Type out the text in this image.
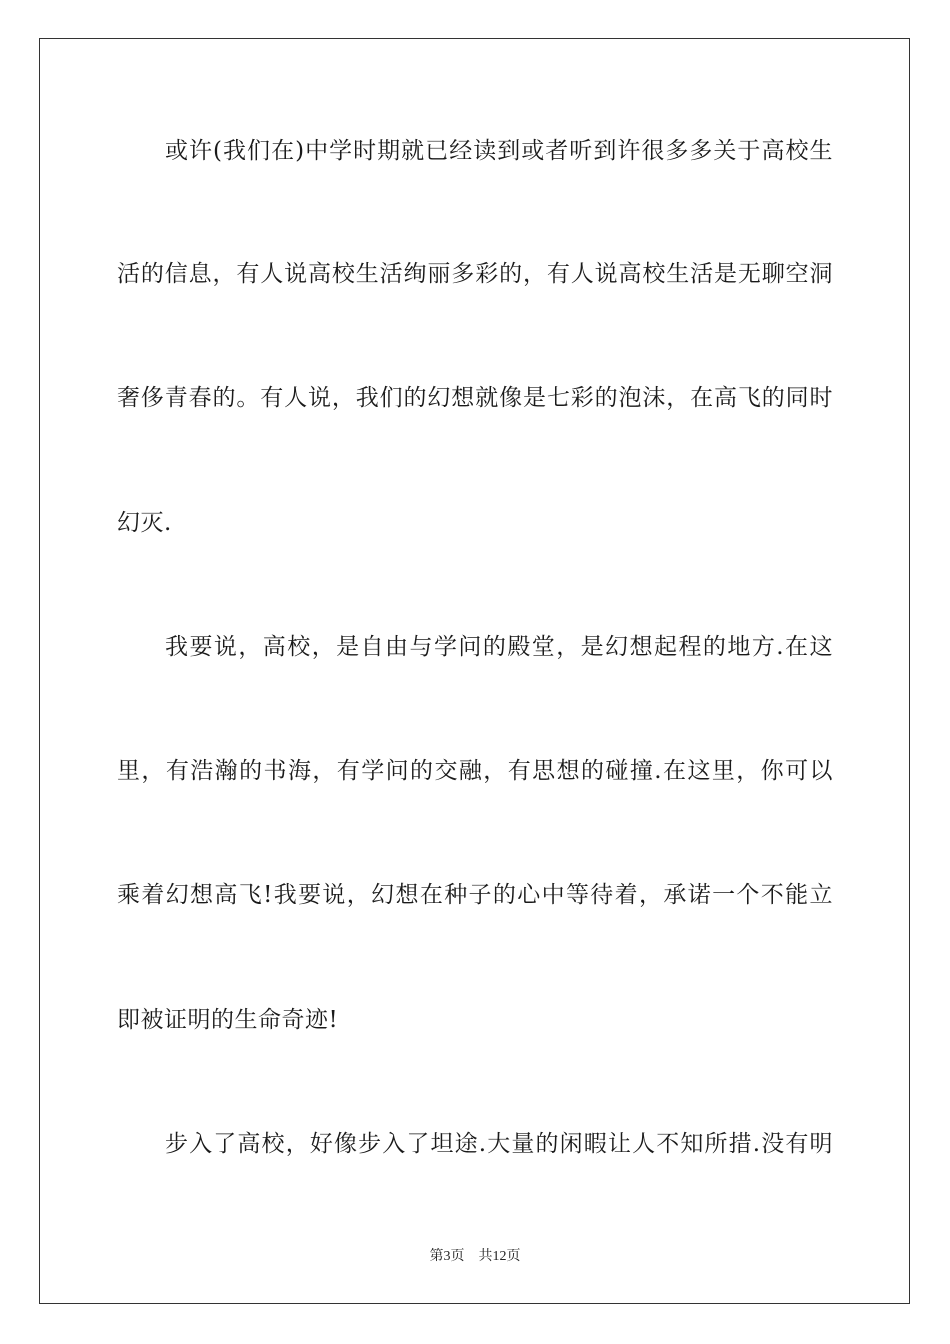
或许(我们在)中学时期就已经读到或者听到许很多多关于高校生
活的信息，有人说高校生活绚丽多彩的，有人说高校生活是无聊空洞
奢侈青春的。有人说，我们的幻想就像是七彩的泡沫，在高飞的同时
幻灭.
我要说，高校，是自由与学问的殿堂，是幻想起程的地方.在这
里，有浩瀚的书海，有学问的交融，有思想的碰撞.在这里，你可以
乘着幻想高飞!我要说，幻想在种子的心中等待着，承诺一个不能立
即被证明的生命奇迹!
步入了高校，好像步入了坦途.大量的闲暇让人不知所措.没有明
第3页 共12页
